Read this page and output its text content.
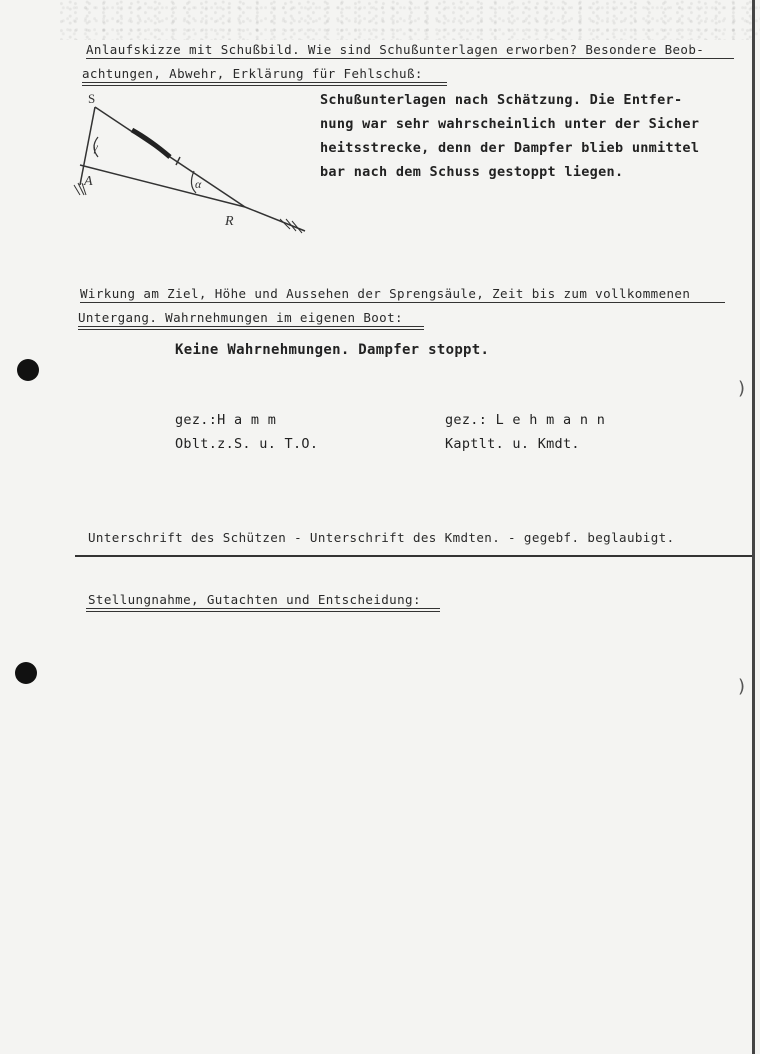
)
)
Anlaufskizze mit Schußbild. Wie sind Schußunterlagen erworben? Besondere Beob-
achtungen, Abwehr, Erklärung für Fehlschuß:
S
A
R
γ
α
Schußunterlagen nach Schätzung. Die Entfer-
nung war sehr wahrscheinlich unter der Sicher
heitsstrecke, denn der Dampfer blieb unmittel
bar nach dem Schuss gestoppt liegen.
Wirkung am Ziel, Höhe und Aussehen der Sprengsäule, Zeit bis zum vollkommenen
Untergang. Wahrnehmungen im eigenen Boot:
Keine Wahrnehmungen. Dampfer stoppt.
gez.:H a m m
Oblt.z.S. u. T.O.
gez.: L e h m a n n
Kaptlt. u. Kmdt.
Unterschrift des Schützen - Unterschrift des Kmdten. - gegebf. beglaubigt.
Stellungnahme, Gutachten und Entscheidung:
